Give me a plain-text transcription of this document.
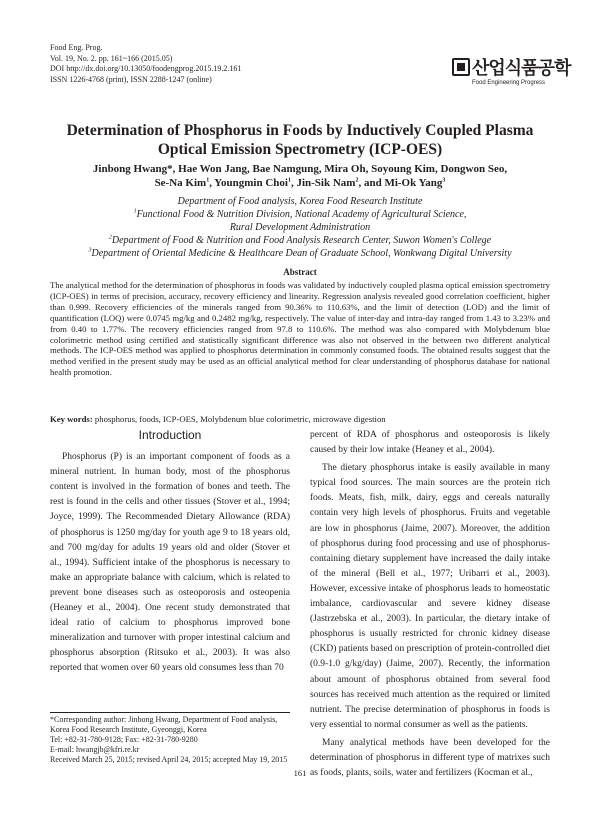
Food Eng. Prog.
Vol. 19, No. 2. pp. 161~166 (2015.05)
DOI http://dx.doi.org/10.13050/foodengprog.2015.19.2.161
ISSN 1226-4768 (print), ISSN 2288-1247 (online)	산업식품공학
Food Engineering Progress
Determination of Phosphorus in Foods by Inductively Coupled Plasma
Optical Emission Spectrometry (ICP-OES)
Jinbong Hwang*, Hae Won Jang, Bae Namgung, Mira Oh, Soyoung Kim, Dongwon Seo,
Se-Na Kim$^1$, Youngmin Choi$^1$, Jin-Sik Nam$^2$, and Mi-Ok Yang$^3$
Department of Food analysis, Korea Food Research Institute
$^1$Functional Food & Nutrition Division, National Academy of Agricultural Science,
Rural Development Administration
$^2$Department of Food & Nutrition and Food Analysis Research Center, Suwon Women's College
$^3$Department of Oriental Medicine & Healthcare Dean of Graduate School, Wonkwang Digital University
Abstract
The analytical method for the determination of phosphorus in foods was validated by inductively coupled plasma optical emission spectrometry (ICP-OES) in terms of precision, accuracy, recovery efficiency and linearity. Regression analysis revealed good correlation coefficient, higher than 0.999. Recovery efficiencies of the minerals ranged from 90.36% to 110.63%, and the limit of detection (LOD) and the limit of quantification (LOQ) were 0.0745 mg/kg and 0.2482 mg/kg, respectively. The value of inter-day and intra-day ranged from 1.43 to 3.23% and from 0.40 to 1.77%. The recovery efficiencies ranged from 97.8 to 110.6%. The method was also compared with Molybdenum blue colorimetric method using certified and statistically significant difference was also not observed in the between two different analytical methods. The ICP-OES method was applied to phosphorus determination in commonly consumed foods. The obtained results suggest that the method verified in the present study may be used as an official analytical method for clear understanding of phosphorus database for national health promotion.
Key words: phosphorus, foods, ICP-OES, Molybdenum blue colorimetric, microwave digestion
Introduction

Phosphorus (P) is an important component of foods as a mineral nutrient. In human body, most of the phosphorus content is involved in the formation of bones and teeth. The rest is found in the cells and other tissues (Stover et al., 1994; Joyce, 1999). The Recommended Dietary Allowance (RDA) of phosphorus is 1250 mg/day for youth age 9 to 18 years old, and 700 mg/day for adults 19 years old and older (Stover et al., 1994). Sufficient intake of the phosphorus is necessary to make an appropriate balance with calcium, which is related to prevent bone diseases such as osteoporosis and osteopenia (Heaney et al., 2004). One recent study demonstrated that ideal ratio of calcium to phosphorus improved bone mineralization and turnover with proper intestinal calcium and phosphorus absorption (Ritsuko et al., 2003). It was also reported that women over 60 years old consumes less than 70

percent of RDA of phosphorus and osteoporosis is likely caused by their low intake (Heaney et al., 2004).

The dietary phosphorus intake is easily available in many typical food sources. The main sources are the protein rich foods. Meats, fish, milk, dairy, eggs and cereals naturally contain very high levels of phosphorus. Fruits and vegetable are low in phosphorus (Jaime, 2007). Moreover, the addition of phosphorus during food processing and use of phosphorus-containing dietary supplement have increased the daily intake of the mineral (Bell et al., 1977; Uribarri et al., 2003). However, excessive intake of phosphorus leads to homeostatic imbalance, cardiovascular and severe kidney disease (Jastrzebska et al., 2003). In particular, the dietary intake of phosphorus is usually restricted for chronic kidney disease (CKD) patients based on prescription of protein-controlled diet (0.9-1.0 g/kg/day) (Jaime, 2007). Recently, the information about amount of phosphorus obtained from several food sources has received much attention as the required or limited nutrient. The precise determination of phosphorus in foods is very essential to normal consumer as well as the patients.

Many analytical methods have been developed for the determination of phosphorus in different type of matrixes such as foods, plants, soils, water and fertilizers (Kocman et al.,

*Corresponding author: Jinbong Hwang, Department of Food analysis, Korea Food Research Institute, Gyeonggi, Korea
Tel: +82-31-780-9128; Fax: +82-31-780-9280
E-mail: hwangjb@kfri.re.kr
Received March 25, 2015; revised April 24, 2015; accepted May 19, 2015
161
